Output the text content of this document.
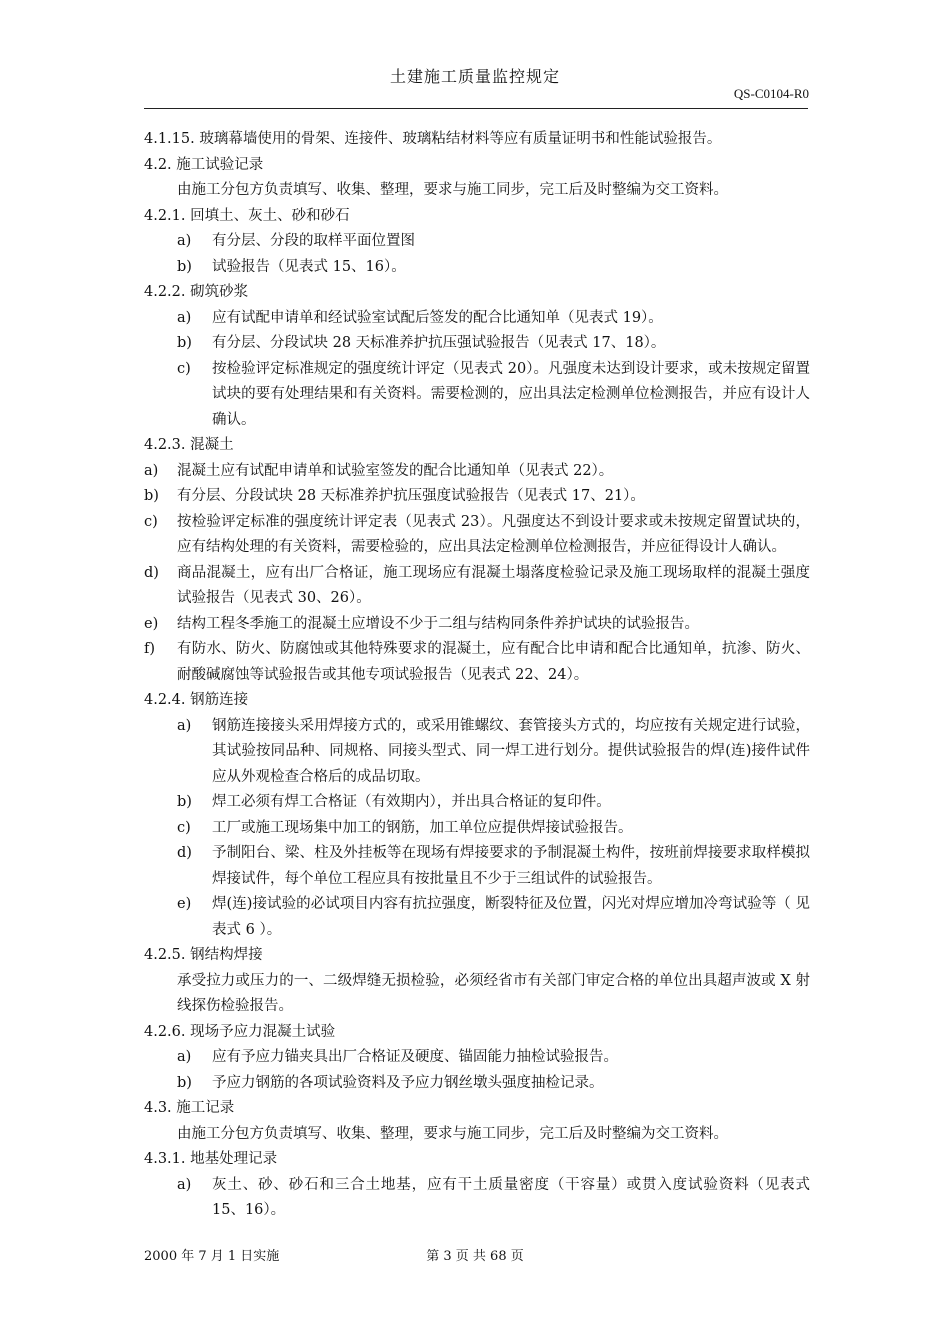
土建施工质量监控规定
QS-C0104-R0
4.1.15. 玻璃幕墙使用的骨架、连接件、玻璃粘结材料等应有质量证明书和性能试验报告。
4.2. 施工试验记录
由施工分包方负责填写、收集、整理，要求与施工同步，完工后及时整编为交工资料。
4.2.1. 回填土、灰土、砂和砂石
a) 有分层、分段的取样平面位置图
b) 试验报告（见表式 15、16）。
4.2.2. 砌筑砂浆
a) 应有试配申请单和经试验室试配后签发的配合比通知单（见表式 19）。
b) 有分层、分段试块 28 天标准养护抗压强试验报告（见表式 17、18）。
c) 按检验评定标准规定的强度统计评定（见表式 20）。凡强度未达到设计要求，或未按规定留置试块的要有处理结果和有关资料。需要检测的，应出具法定检测单位检测报告，并应有设计人确认。
4.2.3. 混凝土
a) 混凝土应有试配申请单和试验室签发的配合比通知单（见表式 22）。
b) 有分层、分段试块 28 天标准养护抗压强度试验报告（见表式 17、21）。
c) 按检验评定标准的强度统计评定表（见表式 23）。凡强度达不到设计要求或未按规定留置试块的，应有结构处理的有关资料，需要检验的，应出具法定检测单位检测报告，并应征得设计人确认。
d) 商品混凝土，应有出厂合格证，施工现场应有混凝土塌落度检验记录及施工现场取样的混凝土强度试验报告（见表式 30、26）。
e) 结构工程冬季施工的混凝土应增设不少于二组与结构同条件养护试块的试验报告。
f) 有防水、防火、防腐蚀或其他特殊要求的混凝土，应有配合比申请和配合比通知单，抗渗、防火、耐酸碱腐蚀等试验报告或其他专项试验报告（见表式 22、24）。
4.2.4. 钢筋连接
a) 钢筋连接接头采用焊接方式的，或采用锥螺纹、套管接头方式的，均应按有关规定进行试验，其试验按同品种、同规格、同接头型式、同一焊工进行划分。提供试验报告的焊(连)接件试件应从外观检查合格后的成品切取。
b) 焊工必须有焊工合格证（有效期内），并出具合格证的复印件。
c) 工厂或施工现场集中加工的钢筋，加工单位应提供焊接试验报告。
d) 予制阳台、梁、柱及外挂板等在现场有焊接要求的予制混凝土构件，按班前焊接要求取样模拟焊接试件，每个单位工程应具有按批量且不少于三组试件的试验报告。
e) 焊(连)接试验的必试项目内容有抗拉强度，断裂特征及位置，闪光对焊应增加冷弯试验等（ 见表式 6 ）。
4.2.5. 钢结构焊接
承受拉力或压力的一、二级焊缝无损检验，必须经省市有关部门审定合格的单位出具超声波或 X 射线探伤检验报告。
4.2.6. 现场予应力混凝土试验
a) 应有予应力锚夹具出厂合格证及硬度、锚固能力抽检试验报告。
b) 予应力钢筋的各项试验资料及予应力钢丝墩头强度抽检记录。
4.3. 施工记录
由施工分包方负责填写、收集、整理，要求与施工同步，完工后及时整编为交工资料。
4.3.1. 地基处理记录
a) 灰土、砂、砂石和三合土地基，应有干土质量密度（干容量）或贯入度试验资料（见表式 15、16）。
2000 年 7 月 1 日实施	第 3 页 共 68 页
